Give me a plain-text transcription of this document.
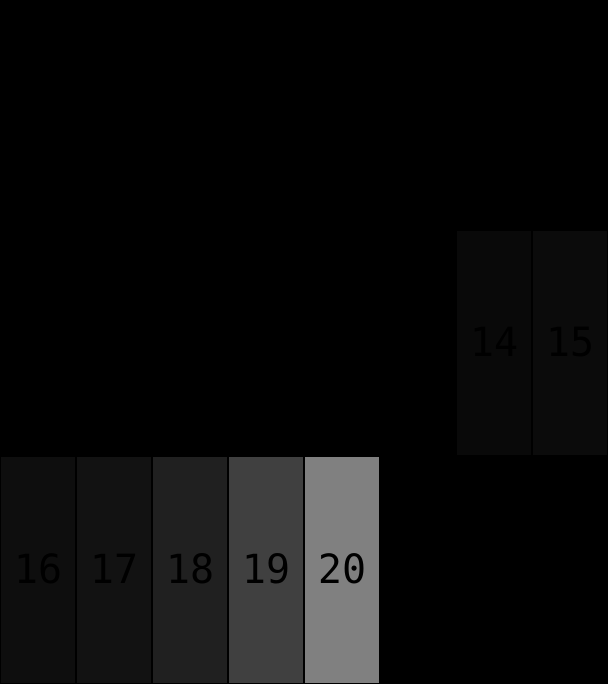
14 15
16 17 18 19 20
